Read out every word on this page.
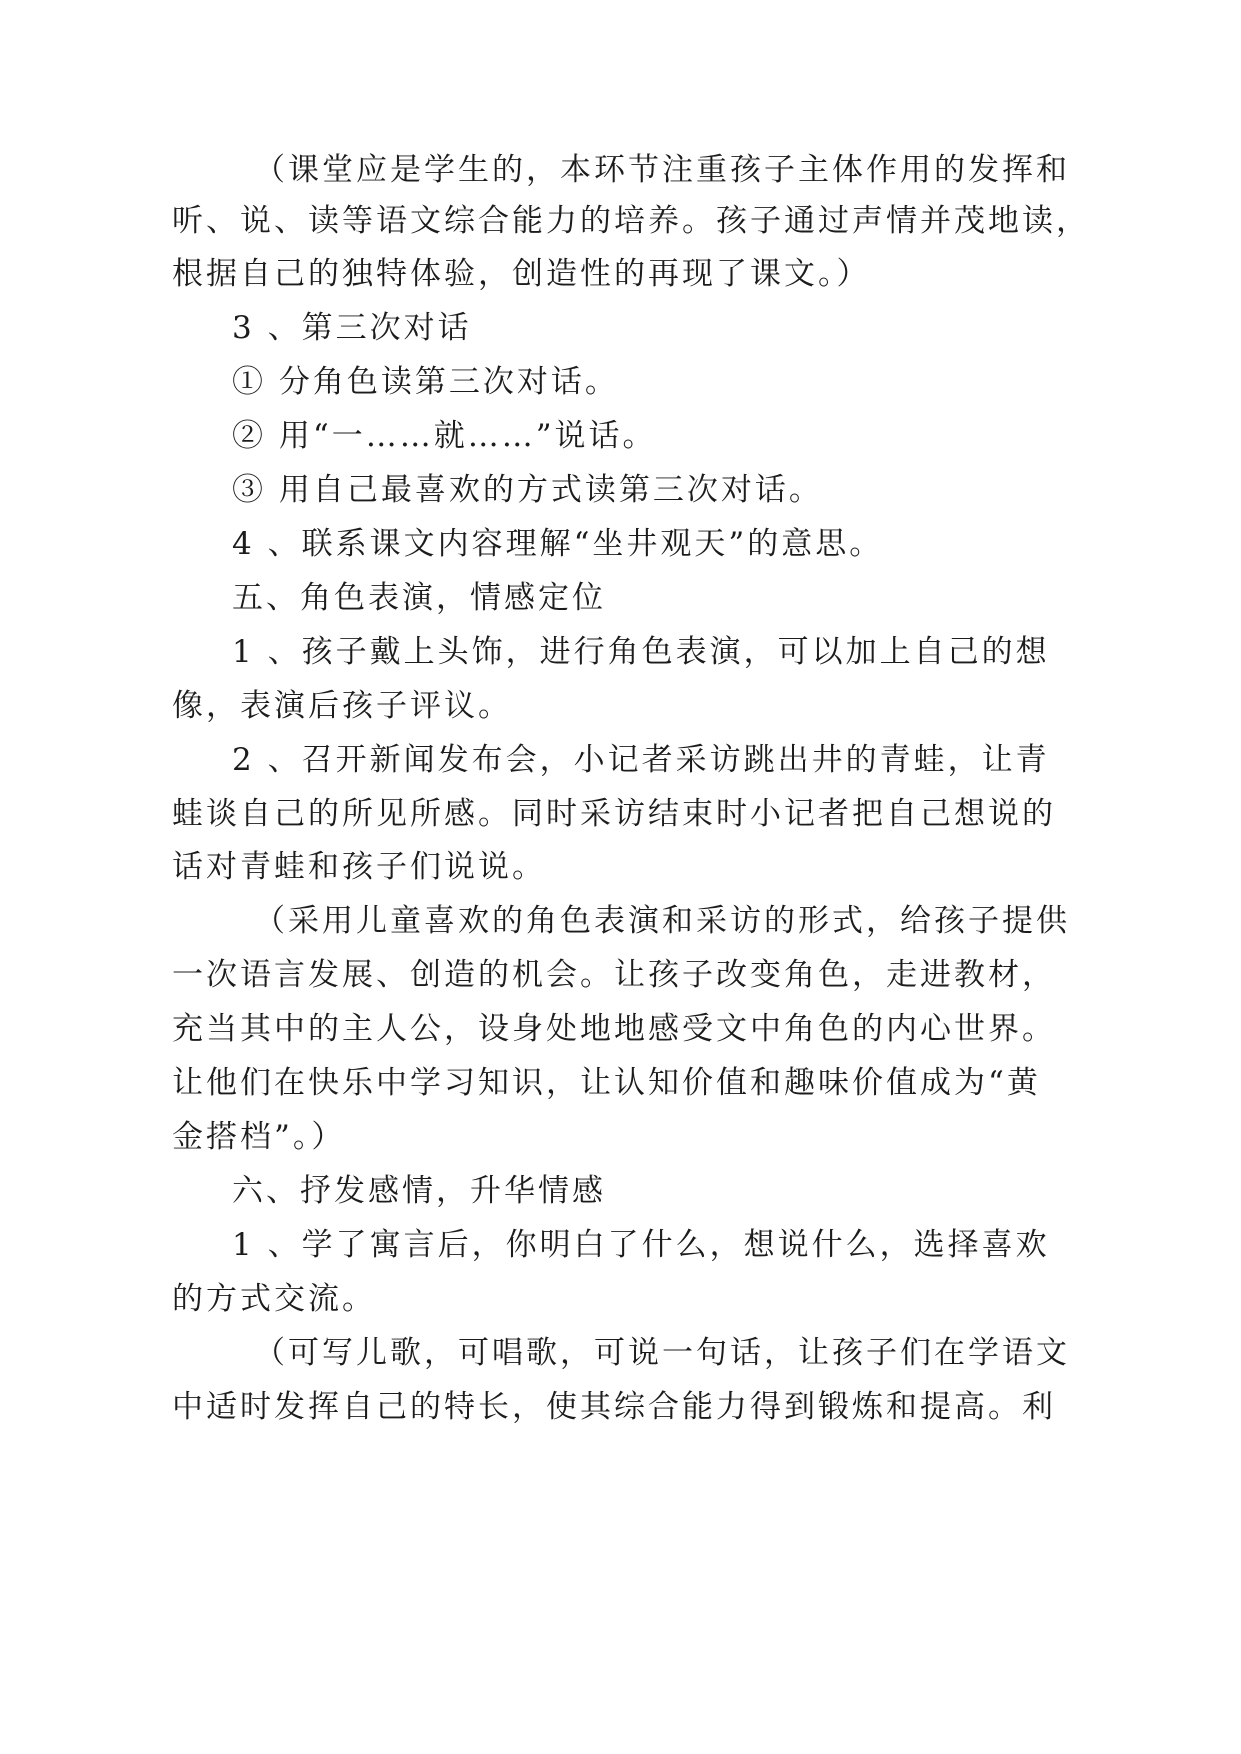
（课堂应是学生的，本环节注重孩子主体作用的发挥和
听、说、读等语文综合能力的培养。孩子通过声情并茂地读，
根据自己的独特体验，创造性的再现了课文。）
3 、第三次对话
① 分角色读第三次对话。
② 用“一……就……”说话。
③ 用自己最喜欢的方式读第三次对话。
4 、联系课文内容理解“坐井观天”的意思。
五、角色表演，情感定位
1 、孩子戴上头饰，进行角色表演，可以加上自己的想
像，表演后孩子评议。
2 、召开新闻发布会，小记者采访跳出井的青蛙，让青
蛙谈自己的所见所感。同时采访结束时小记者把自己想说的
话对青蛙和孩子们说说。
（采用儿童喜欢的角色表演和采访的形式，给孩子提供
一次语言发展、创造的机会。让孩子改变角色，走进教材，
充当其中的主人公，设身处地地感受文中角色的内心世界。
让他们在快乐中学习知识，让认知价值和趣味价值成为“黄
金搭档”。）
六、抒发感情，升华情感
1 、学了寓言后，你明白了什么，想说什么，选择喜欢
的方式交流。
（可写儿歌，可唱歌，可说一句话，让孩子们在学语文
中适时发挥自己的特长，使其综合能力得到锻炼和提高。利
